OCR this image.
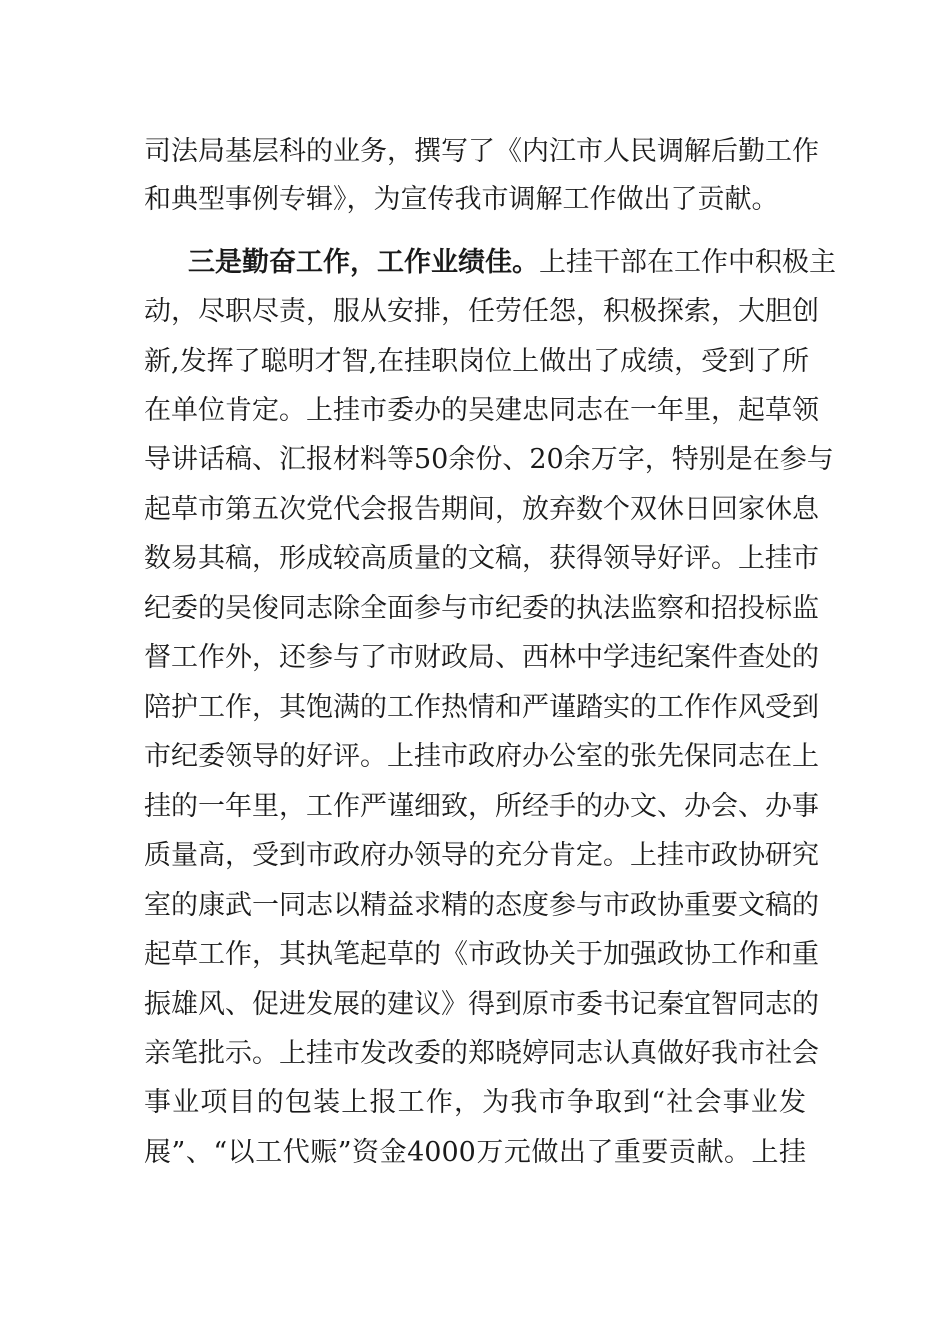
司法局基层科的业务，撰写了《内江市人民调解后勤工作
和典型事例专辑》，为宣传我市调解工作做出了贡献。
三是勤奋工作，工作业绩佳。上挂干部在工作中积极主
动，尽职尽责，服从安排，任劳任怨，积极探索，大胆创
新,发挥了聪明才智,在挂职岗位上做出了成绩，受到了所
在单位肯定。上挂市委办的吴建忠同志在一年里，起草领
导讲话稿、汇报材料等50余份、20余万字，特别是在参与
起草市第五次党代会报告期间，放弃数个双休日回家休息
数易其稿，形成较高质量的文稿，获得领导好评。上挂市
纪委的吴俊同志除全面参与市纪委的执法监察和招投标监
督工作外，还参与了市财政局、西林中学违纪案件查处的
陪护工作，其饱满的工作热情和严谨踏实的工作作风受到
市纪委领导的好评。上挂市政府办公室的张先保同志在上
挂的一年里，工作严谨细致，所经手的办文、办会、办事
质量高，受到市政府办领导的充分肯定。上挂市政协研究
室的康武一同志以精益求精的态度参与市政协重要文稿的
起草工作，其执笔起草的《市政协关于加强政协工作和重
振雄风、促进发展的建议》得到原市委书记秦宜智同志的
亲笔批示。上挂市发改委的郑晓婷同志认真做好我市社会
事业项目的包装上报工作，为我市争取到“社会事业发
展”、“以工代赈”资金4000万元做出了重要贡献。上挂
